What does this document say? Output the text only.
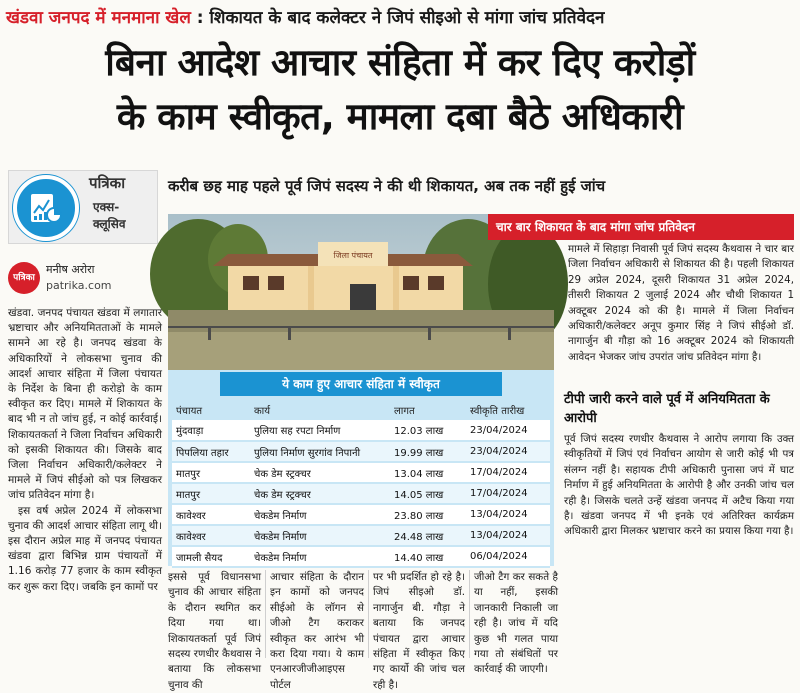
खंडवा जनपद में मनमाना खेल : शिकायत के बाद कलेक्टर ने जिपं सीइओ से मांगा जांच प्रतिवेदन
बिना आदेश आचार संहिता में कर दिए करोड़ों
के काम स्वीकृत, मामला दबा बैठे अधिकारी
पत्रिका
एक्स-
क्लूसिव
पत्रिका
मनीष अरोरा
patrika.com

खंडवा. जनपद पंचायत खंडवा में लगातार भ्रष्टाचार और अनियमितताओं के मामले सामने आ रहे है। जनपद खंडवा के अधिकारियों ने लोकसभा चुनाव की आदर्श आचार संहिता में जिला पंचायत के निर्देश के बिना ही करोड़ो के काम स्वीकृत कर दिए। मामले में शिकायत के बाद भी न तो जांच हुई, न कोई कार्रवाई। शिकायतकर्ता ने जिला निर्वाचन अधिकारी को इसकी शिकायत की। जिसके बाद जिला निर्वाचन अधिकारी/कलेक्टर ने मामले में जिपं सीईओ को पत्र लिखकर जांच प्रतिवेदन मांगा है।

इस वर्ष अप्रेल 2024 में लोकसभा चुनाव की आदर्श आचार संहिता लागू थी। इस दौरान अप्रेल माह में जनपद पंचायत खंडवा द्वारा बिभिन्न ग्राम पंचायतों में 1.16 करोड़ 77 हजार के काम स्वीकृत कर शुरू करा दिए। जबकि इन कामों पर

करीब छह माह पहले पूर्व जिपं सदस्य ने की थी शिकायत, अब तक नहीं हुई जांच
जिला पंचायत
ये काम हुए आचार संहिता में स्वीकृत
पंचायत	कार्य	लागत	स्वीकृति तारीख
मुंदवाड़ा	पुलिया सह रपटा निर्माण	12.03 लाख	23/04/2024
पिपलिया तहार	पुलिया निर्माण सुरगांव निपानी	19.99 लाख	23/04/2024
मातपुर	चेक डेम स्ट्रक्चर	13.04 लाख	17/04/2024
मातपुर	चेक डेम स्ट्रक्चर	14.05 लाख	17/04/2024
कावेश्वर	चेकडेम निर्माण	23.80 लाख	13/04/2024
कावेश्वर	चेकडेम निर्माण	24.48 लाख	13/04/2024
जामली सैयद	चेकडेम निर्माण	14.40 लाख	06/04/2024
इससे पूर्व विधानसभा चुनाव की आचार संहिता के दौरान स्थगित कर दिया गया था। शिकायतकर्ता पूर्व जिपं सदस्य रणधीर कैथवास ने बताया कि लोकसभा चुनाव की
आचार संहिता के दौरान इन कामों को जनपद सीईओ के लॉगन से जीओ टैग कराकर स्वीकृत कर आरंभ भी करा दिया गया। ये काम एनआरजीजीआइएस पोर्टल
पर भी प्रदर्शित हो रहे है। जिपं सीइओ डॉ. नागार्जुन बी. गौड़ा ने बताया कि जनपद पंचायत द्वारा आचार संहिता में स्वीकृत किए गए कार्यो की जांच चल रही है।
जीओ टैग कर सकते है या नहीं, इसकी जानकारी निकाली जा रही है। जांच में यदि कुछ भी गलत पाया गया तो संबंधितों पर कार्रवाई की जाएगी।
चार बार शिकायत के बाद मांगा जांच प्रतिवेदन
मामले में सिहाड़ा निवासी पूर्व जिपं सदस्य कैथवास ने चार बार जिला निर्वाचन अधिकारी से शिकायत की है। पहली शिकायत 29 अप्रेल 2024, दूसरी शिकायत 31 अप्रेल 2024, तीसरी शिकायत 2 जुलाई 2024 और चौथी शिकायत 1 अक्टूबर 2024 को की है। मामले में जिला निर्वाचन अधिकारी/कलेक्टर अनूप कुमार सिंह ने जिपं सीईओ डॉ. नागार्जुन बी गौड़ा को 16 अक्टूबर 2024 को शिकायती आवेदन भेजकर जांच उपरांत जांच प्रतिवेदन मांगा है।
टीपी जारी करने वाले पूर्व में अनियमितता के आरोपी
पूर्व जिपं सदस्य रणधीर कैथवास ने आरोप लगाया कि उक्त स्वीकृतियों में जिपं एवं निर्वाचन आयोग से जारी कोई भी पत्र संलग्न नहीं है। सहायक टीपी अधिकारी पुनासा जपं में घाट निर्माण में हुई अनियमितता के आरोपी है और उनकी जांच चल रही है। जिसके चलते उन्हें खंडवा जनपद में अटैच किया गया है। खंडवा जनपद में भी इनके एवं अतिरिक्त कार्यक्रम अधिकारी द्वारा मिलकर भ्रष्टाचार करने का प्रयास किया गया है।
